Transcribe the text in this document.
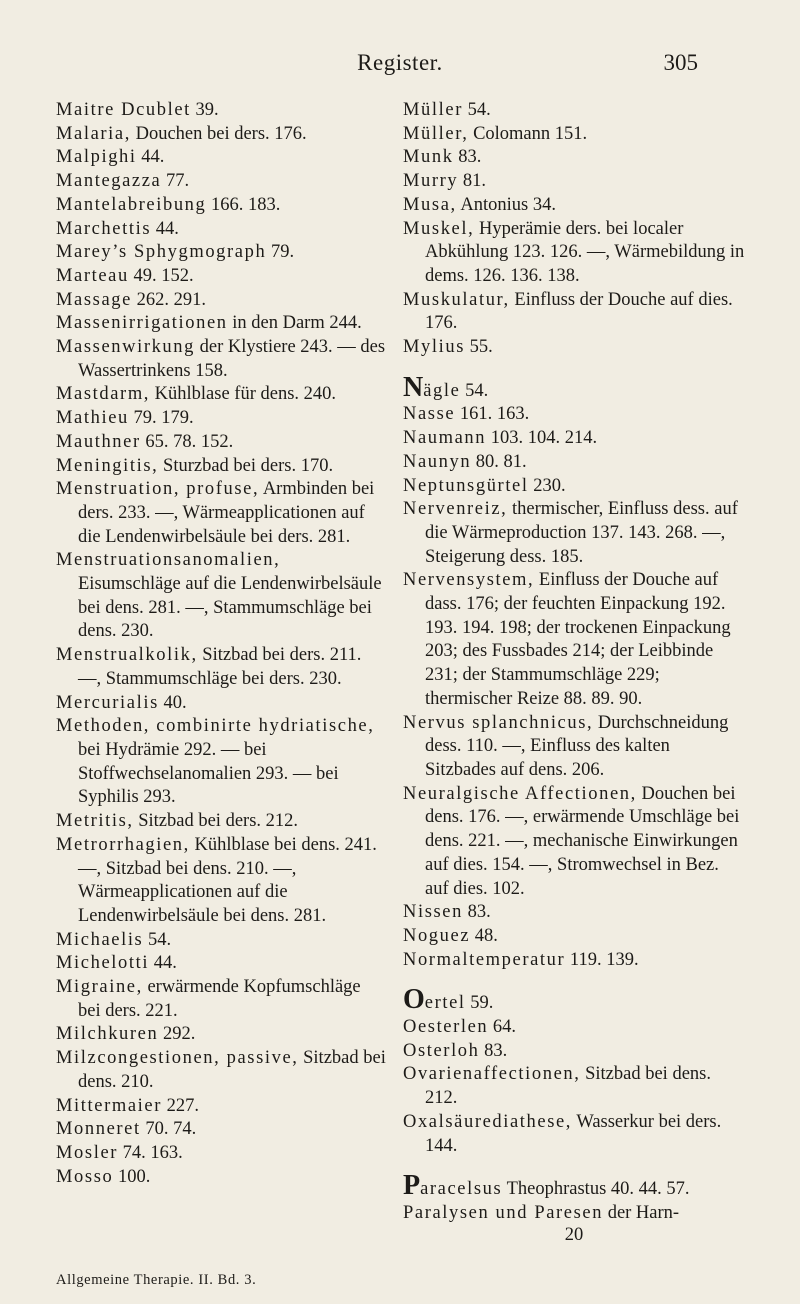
Register.	305
Maitre Dcublet 39.
Malaria, Douchen bei ders. 176.
Malpighi 44.
Mantegazza 77.
Mantelabreibung 166. 183.
Marchettis 44.
Marey’s Sphygmograph 79.
Marteau 49. 152.
Massage 262. 291.
Massenirrigationen in den Darm 244.
Massenwirkung der Klystiere 243. — des Wassertrinkens 158.
Mastdarm, Kühlblase für dens. 240.
Mathieu 79. 179.
Mauthner 65. 78. 152.
Meningitis, Sturzbad bei ders. 170.
Menstruation, profuse, Armbinden bei ders. 233. —, Wärmeapplicationen auf die Lendenwirbelsäule bei ders. 281.
Menstruationsanomalien, Eisumschläge auf die Lendenwirbelsäule bei dens. 281. —, Stammumschläge bei dens. 230.
Menstrualkolik, Sitzbad bei ders. 211. —, Stammumschläge bei ders. 230.
Mercurialis 40.
Methoden, combinirte hydriatische, bei Hydrämie 292. — bei Stoffwechselanomalien 293. — bei Syphilis 293.
Metritis, Sitzbad bei ders. 212.
Metrorrhagien, Kühlblase bei dens. 241. —, Sitzbad bei dens. 210. —, Wärmeapplicationen auf die Lendenwirbelsäule bei dens. 281.
Michaelis 54.
Michelotti 44.
Migraine, erwärmende Kopfumschläge bei ders. 221.
Milchkuren 292.
Milzcongestionen, passive, Sitzbad bei dens. 210.
Mittermaier 227.
Monneret 70. 74.
Mosler 74. 163.
Mosso 100.
Müller 54.
Müller, Colomann 151.
Munk 83.
Murry 81.
Musa, Antonius 34.
Muskel, Hyperämie ders. bei localer Abkühlung 123. 126. —, Wärmebildung in dems. 126. 136. 138.
Muskulatur, Einfluss der Douche auf dies. 176.
Mylius 55.
Nägle 54.
Nasse 161. 163.
Naumann 103. 104. 214.
Naunyn 80. 81.
Neptunsgürtel 230.
Nervenreiz, thermischer, Einfluss dess. auf die Wärmeproduction 137. 143. 268. —, Steigerung dess. 185.
Nervensystem, Einfluss der Douche auf dass. 176; der feuchten Einpackung 192. 193. 194. 198; der trockenen Einpackung 203; des Fussbades 214; der Leibbinde 231; der Stammumschläge 229; thermischer Reize 88. 89. 90.
Nervus splanchnicus, Durchschneidung dess. 110. —, Einfluss des kalten Sitzbades auf dens. 206.
Neuralgische Affectionen, Douchen bei dens. 176. —, erwärmende Umschläge bei dens. 221. —, mechanische Einwirkungen auf dies. 154. —, Stromwechsel in Bez. auf dies. 102.
Nissen 83.
Noguez 48.
Normaltemperatur 119. 139.
Oertel 59.
Oesterlen 64.
Osterloh 83.
Ovarienaffectionen, Sitzbad bei dens. 212.
Oxalsäurediathese, Wasserkur bei ders. 144.
Paracelsus Theophrastus 40. 44. 57.
Paralysen und Paresen der Harn-
20
Allgemeine Therapie. II. Bd. 3.
